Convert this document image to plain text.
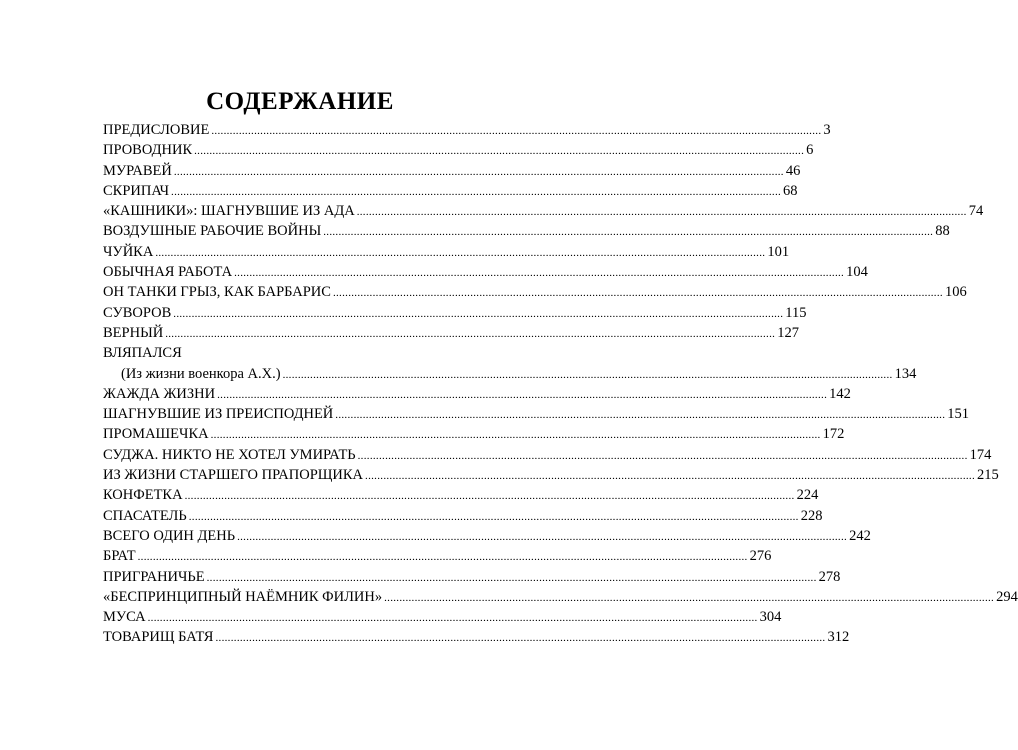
СОДЕРЖАНИЕ
ПРЕДИСЛОВИЕ ........................................................................................................................................................................................................ 3
ПРОВОДНИК ........................................................................................................................................................................................................ 6
МУРАВЕЙ ........................................................................................................................................................................................................ 46
СКРИПАЧ ........................................................................................................................................................................................................ 68
«КАШНИКИ»: ШАГНУВШИЕ ИЗ АДА ........................................................................................................................................................................................................ 74
ВОЗДУШНЫЕ РАБОЧИЕ ВОЙНЫ ........................................................................................................................................................................................................ 88
ЧУЙКА ........................................................................................................................................................................................................ 101
ОБЫЧНАЯ РАБОТА ........................................................................................................................................................................................................ 104
ОН ТАНКИ ГРЫЗ, КАК БАРБАРИС ........................................................................................................................................................................................................ 106
СУВОРОВ ........................................................................................................................................................................................................ 115
ВЕРНЫЙ ........................................................................................................................................................................................................ 127
ВЛЯПАЛСЯ
(Из жизни военкора А.Х.) ........................................................................................................................................................................................................ 134
ЖАЖДА ЖИЗНИ ........................................................................................................................................................................................................ 142
ШАГНУВШИЕ ИЗ ПРЕИСПОДНЕЙ ........................................................................................................................................................................................................ 151
ПРОМАШЕЧКА ........................................................................................................................................................................................................ 172
СУДЖА. НИКТО НЕ ХОТЕЛ УМИРАТЬ ........................................................................................................................................................................................................ 174
ИЗ ЖИЗНИ СТАРШЕГО ПРАПОРЩИКА ........................................................................................................................................................................................................ 215
КОНФЕТКА ........................................................................................................................................................................................................ 224
СПАСАТЕЛЬ ........................................................................................................................................................................................................ 228
ВСЕГО ОДИН ДЕНЬ ........................................................................................................................................................................................................ 242
БРАТ ........................................................................................................................................................................................................ 276
ПРИГРАНИЧЬЕ ........................................................................................................................................................................................................ 278
«БЕСПРИНЦИПНЫЙ НАЁМНИК ФИЛИН» ........................................................................................................................................................................................................ 294
МУСА ........................................................................................................................................................................................................ 304
ТОВАРИЩ БАТЯ ........................................................................................................................................................................................................ 312
